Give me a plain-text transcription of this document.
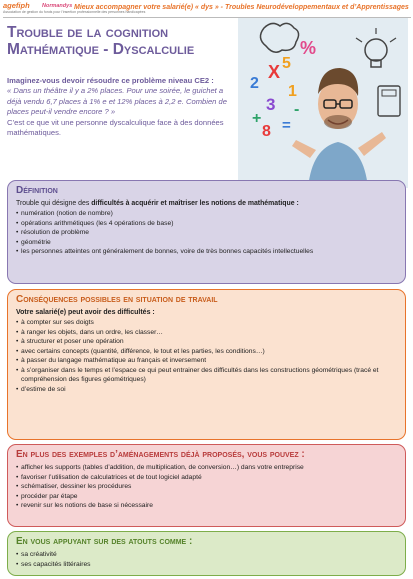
agefiph
Association de gestion du fonds pour l'insertion professionnelle des personnes handicapées
Normandys Mieux accompagner votre salarié(e) « dys » - Troubles Neurodéveloppementaux et d’Apprentissages
Trouble de la cognition
Mathématique - Dyscalculie
Imaginez-vous devoir résoudre ce problème niveau CE2 :
« Dans un théâtre il y a 2% places. Pour une soirée, le guichet a déjà vendu 6,7 places à 1% e et 12% places à 2,2 e. Combien de places peut-il vendre encore ? »
C’est ce que vit une personne dyscalculique face à des données mathématiques.
%
2
X
1
3
+
8 =
-
5
Définition

Trouble qui désigne des difficultés à acquérir et maîtriser les notions de mathématique :

• numération (notion de nombre)
• opérations arithmétiques (les 4 opérations de base)
• résolution de problème
• géométrie
• les personnes atteintes ont généralement de bonnes, voire de très bonnes capacités intellectuelles
Conséquences possibles en situation de travail

Votre salarié(e) peut avoir des difficultés :

• à compter sur ses doigts
• à ranger les objets, dans un ordre, les classer…
• à structurer et poser une opération
• avec certains concepts (quantité, différence, le tout et les parties, les conditions…)
• à passer du langage mathématique au français et inversement
• à s’organiser dans le temps et l’espace ce qui peut entrainer des difficultés dans les constructions géométriques (tracé et compréhension des figures géométriques)
• d’estime de soi
En plus des exemples d’aménagements déjà proposés, vous pouvez :
• afficher les supports (tables d’addition, de multiplication, de conversion…) dans votre entreprise
• favoriser l’utilisation de calculatrices et de tout logiciel adapté
• schématiser, dessiner les procédures
• procéder par étape
• revenir sur les notions de base si nécessaire
En vous appuyant sur des atouts comme :
• sa créativité
• ses capacités littéraires
